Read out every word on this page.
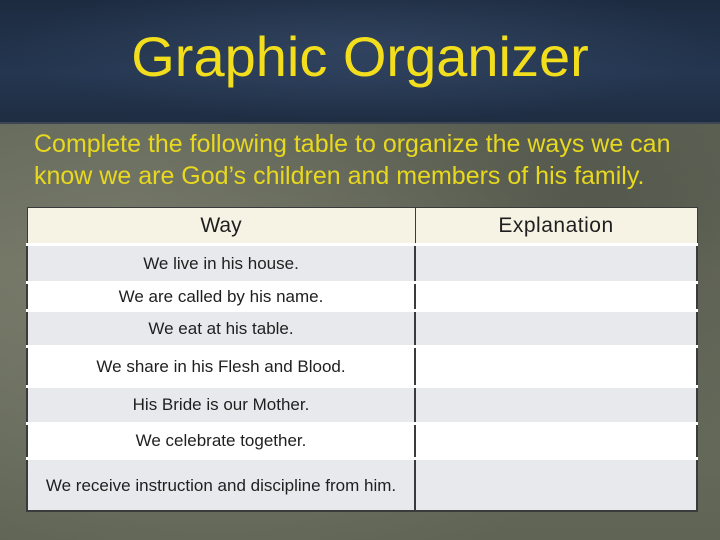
Graphic Organizer
Complete the following table to organize the ways we can know we are God’s children and members of his family.
Way	Explanation
We live in his house.	
We are called by his name.	
We eat at his table.	
We share in his Flesh and Blood.	
His Bride is our Mother.	
We celebrate together.	
We receive instruction and discipline from him.	
